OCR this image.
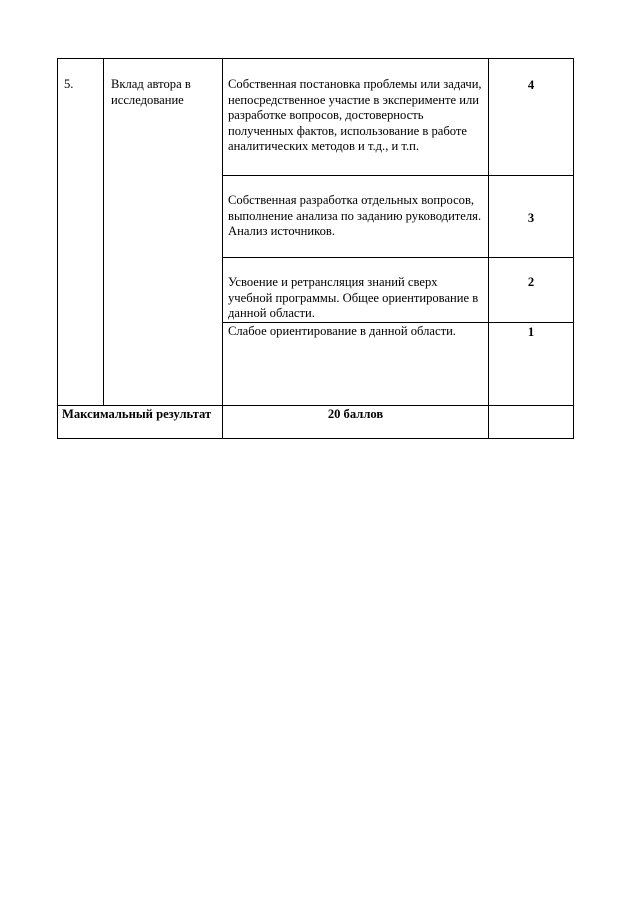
5.	Вклад автора в исследование	Собственная постановка проблемы или задачи, непосредственное участие в эксперименте или разработке вопросов, достоверность полученных фактов, использование в работе аналитических методов и т.д., и т.п.	4
		Собственная разработка отдельных вопросов, выполнение анализа по заданию руководителя. Анализ источников.	3
		Усвоение и ретрансляция знаний сверх учебной программы. Общее ориентирование в данной области.	2
		Слабое ориентирование в данной области.	1
Максимальный результат		20 баллов	
